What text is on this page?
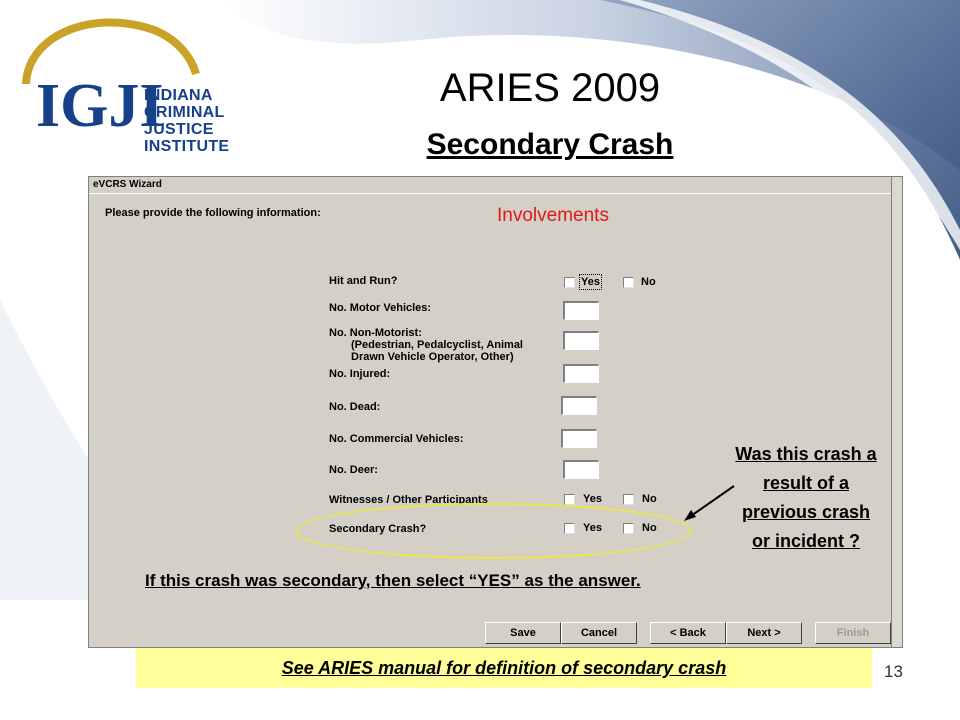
IGJI
INDIANA
CRIMINAL
JUSTICE
INSTITUTE
ARIES 2009
Secondary Crash
eVCRS Wizard
Please provide the following information:	Involvements
Hit and Run?	Yes	No
No. Motor Vehicles:
No. Non-Motorist:
(Pedestrian, Pedalcyclist, Animal
Drawn Vehicle Operator, Other)
No. Injured:
No. Dead:
No. Commercial Vehicles:
No. Deer:
Witnesses / Other Participants	Yes	No
Secondary Crash?	Yes	No
If this crash was secondary, then select “YES” as the answer.
Save	Cancel	< Back	Next >	Finish
Was this crash a
result of a
previous crash
or incident ?
See ARIES manual for definition of secondary crash	13
